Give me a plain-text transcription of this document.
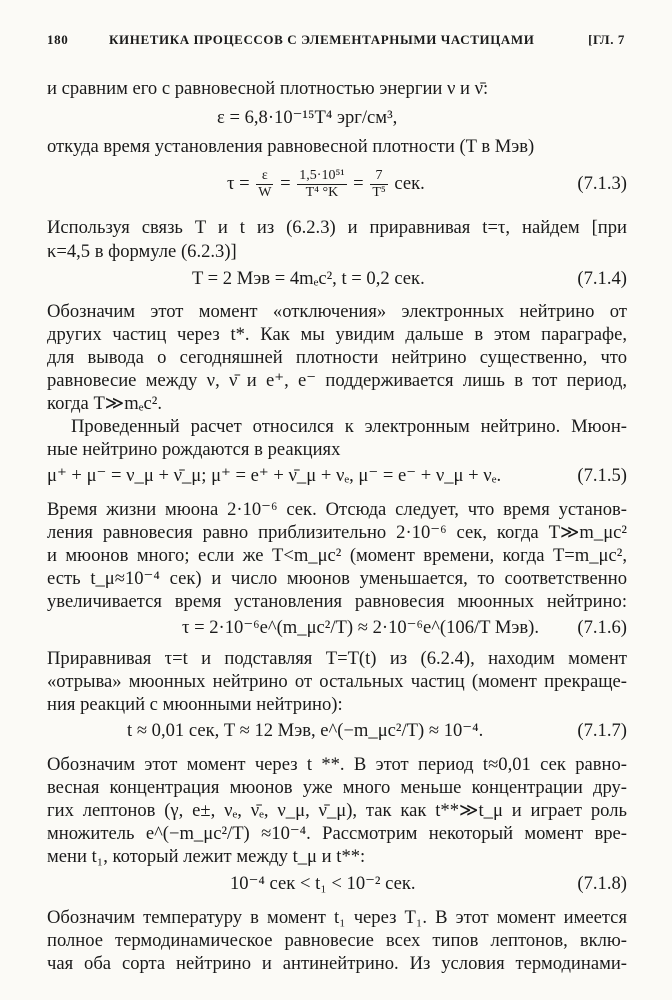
180	КИНЕТИКА ПРОЦЕССОВ С ЭЛЕМЕНТАРНЫМИ ЧАСТИЦАМИ	[ГЛ. 7
и сравним его с равновесной плотностью энергии ν и ν̄:
ε = 6,8·10⁻¹⁵T⁴ эрг/см³,
откуда время установления равновесной плотности (T в Мэв)
$\tau = \frac{\varepsilon}{W} = \frac{\text{1,5·10⁵¹}}{\text{T⁴ °K}} = \frac{7}{\text{T⁵}}$ сек.	(7.1.3)
Используя связь T и t из (6.2.3) и приравнивая t=τ, найдем [при
κ=4,5 в формуле (6.2.3)]
T = 2 Мэв = 4mₑc², t = 0,2 сек.	(7.1.4)
Обозначим этот момент «отключения» электронных нейтрино от
других частиц через t*. Как мы увидим дальше в этом параграфе,
для вывода о сегодняшней плотности нейтрино существенно, что
равновесие между ν, ν̄ и e⁺, e⁻ поддерживается лишь в тот период,
когда T≫mₑc².
Проведенный расчет относился к электронным нейтрино. Мюон-
ные нейтрино рождаются в реакциях
μ⁺ + μ⁻ = ν_μ + ν̄_μ; μ⁺ = e⁺ + ν̄_μ + νₑ, μ⁻ = e⁻ + ν_μ + νₑ.	(7.1.5)
Время жизни мюона 2·10⁻⁶ сек. Отсюда следует, что время установ-
ления равновесия равно приблизительно 2·10⁻⁶ сек, когда T≫m_μc²
и мюонов много; если же T<m_μc² (момент времени, когда T=m_μc²,
есть t_μ≈10⁻⁴ сек) и число мюонов уменьшается, то соответственно
увеличивается время установления равновесия мюонных нейтрино:
τ = 2·10⁻⁶e^(m_μc²/T) ≈ 2·10⁻⁶e^(106/T Мэв). (7.1.6)
Приравнивая τ=t и подставляя T=T(t) из (6.2.4), находим момент
«отрыва» мюонных нейтрино от остальных частиц (момент прекраще-
ния реакций с мюонными нейтрино):
t ≈ 0,01 сек, T ≈ 12 Мэв, e^(−m_μc²/T) ≈ 10⁻⁴.	(7.1.7)
Обозначим этот момент через t **. В этот период t≈0,01 сек равно-
весная концентрация мюонов уже много меньше концентрации дру-
гих лептонов (γ, e±, νₑ, ν̄ₑ, ν_μ, ν̄_μ), так как t**≫t_μ и играет роль
множитель e^(−m_μc²/T) ≈10⁻⁴. Рассмотрим некоторый момент вре-
мени t₁, который лежит между t_μ и t**:
10⁻⁴ сек < t₁ < 10⁻² сек.	(7.1.8)
Обозначим температуру в момент t₁ через T₁. В этот момент имеется
полное термодинамическое равновесие всех типов лептонов, вклю-
чая оба сорта нейтрино и антинейтрино. Из условия термодинами-
